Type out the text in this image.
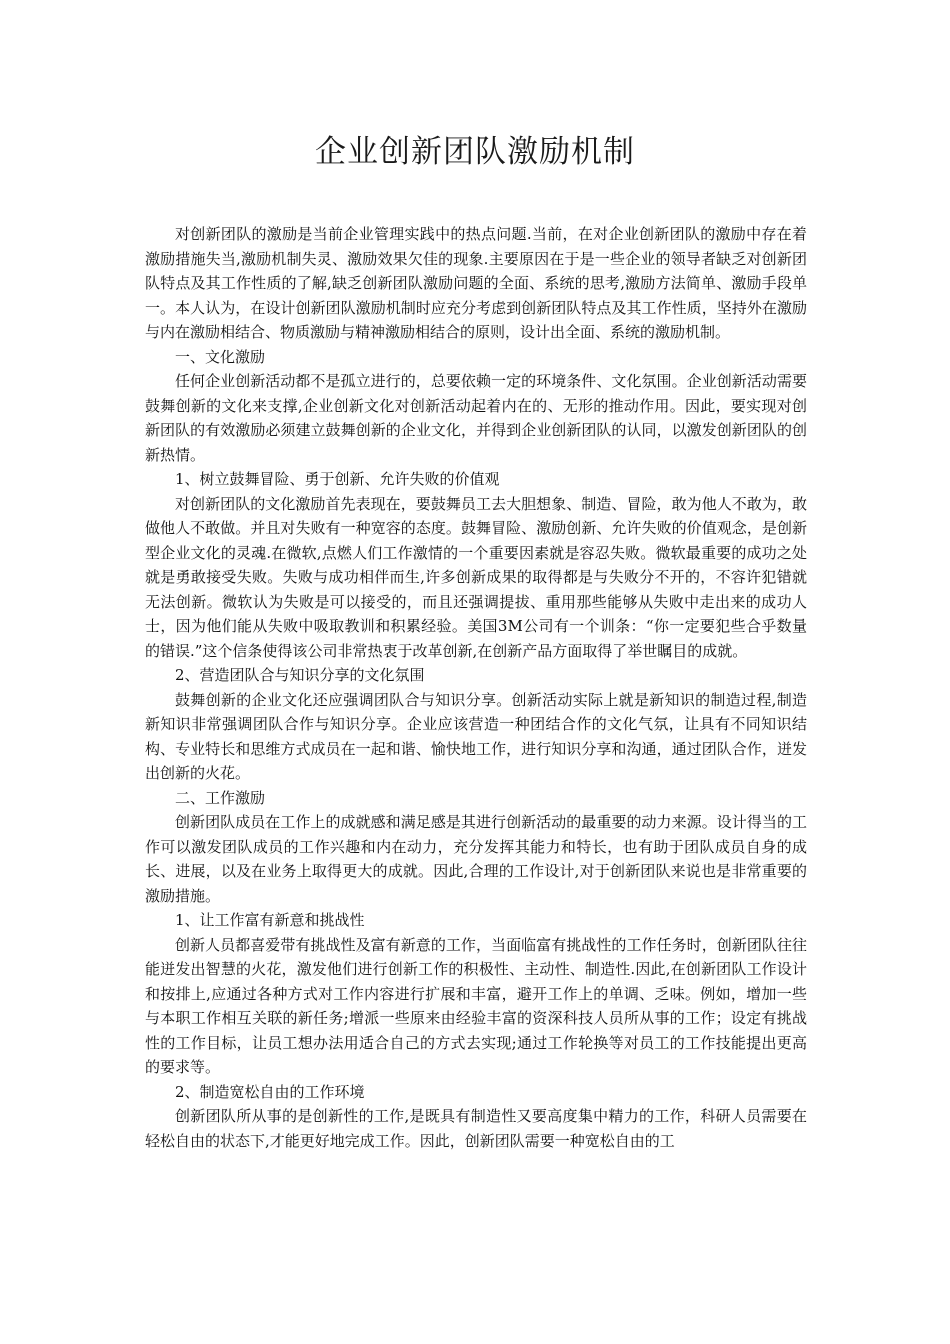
企业创新团队激励机制

对创新团队的激励是当前企业管理实践中的热点问题.当前，在对企业创新团队的激励中存在着激励措施失当,激励机制失灵、激励效果欠佳的现象.主要原因在于是一些企业的领导者缺乏对创新团队特点及其工作性质的了解,缺乏创新团队激励问题的全面、系统的思考,激励方法简单、激励手段单一。本人认为，在设计创新团队激励机制时应充分考虑到创新团队特点及其工作性质，坚持外在激励与内在激励相结合、物质激励与精神激励相结合的原则，设计出全面、系统的激励机制。

一、文化激励

任何企业创新活动都不是孤立进行的，总要依赖一定的环境条件、文化氛围。企业创新活动需要鼓舞创新的文化来支撑,企业创新文化对创新活动起着内在的、无形的推动作用。因此，要实现对创新团队的有效激励必须建立鼓舞创新的企业文化，并得到企业创新团队的认同，以激发创新团队的创新热情。

1、树立鼓舞冒险、勇于创新、允许失败的价值观

对创新团队的文化激励首先表现在，要鼓舞员工去大胆想象、制造、冒险，敢为他人不敢为，敢做他人不敢做。并且对失败有一种宽容的态度。鼓舞冒险、激励创新、允许失败的价值观念，是创新型企业文化的灵魂.在微软,点燃人们工作激情的一个重要因素就是容忍失败。微软最重要的成功之处就是勇敢接受失败。失败与成功相伴而生,许多创新成果的取得都是与失败分不开的，不容许犯错就无法创新。微软认为失败是可以接受的，而且还强调提拔、重用那些能够从失败中走出来的成功人士，因为他们能从失败中吸取教训和积累经验。美国3M公司有一个训条：“你一定要犯些合乎数量的错误.”这个信条使得该公司非常热衷于改革创新,在创新产品方面取得了举世瞩目的成就。

2、营造团队合与知识分享的文化氛围

鼓舞创新的企业文化还应强调团队合与知识分享。创新活动实际上就是新知识的制造过程,制造新知识非常强调团队合作与知识分享。企业应该营造一种团结合作的文化气氛，让具有不同知识结构、专业特长和思维方式成员在一起和谐、愉快地工作，进行知识分享和沟通，通过团队合作，迸发出创新的火花。

二、工作激励

创新团队成员在工作上的成就感和满足感是其进行创新活动的最重要的动力来源。设计得当的工作可以激发团队成员的工作兴趣和内在动力，充分发挥其能力和特长，也有助于团队成员自身的成长、进展，以及在业务上取得更大的成就。因此,合理的工作设计,对于创新团队来说也是非常重要的激励措施。

1、让工作富有新意和挑战性

创新人员都喜爱带有挑战性及富有新意的工作，当面临富有挑战性的工作任务时，创新团队往往能迸发出智慧的火花，激发他们进行创新工作的积极性、主动性、制造性.因此,在创新团队工作设计和按排上,应通过各种方式对工作内容进行扩展和丰富，避开工作上的单调、乏味。例如，增加一些与本职工作相互关联的新任务;增派一些原来由经验丰富的资深科技人员所从事的工作；设定有挑战性的工作目标，让员工想办法用适合自己的方式去实现;通过工作轮换等对员工的工作技能提出更高的要求等。

2、制造宽松自由的工作环境

创新团队所从事的是创新性的工作,是既具有制造性又要高度集中精力的工作，科研人员需要在轻松自由的状态下,才能更好地完成工作。因此，创新团队需要一种宽松自由的工
